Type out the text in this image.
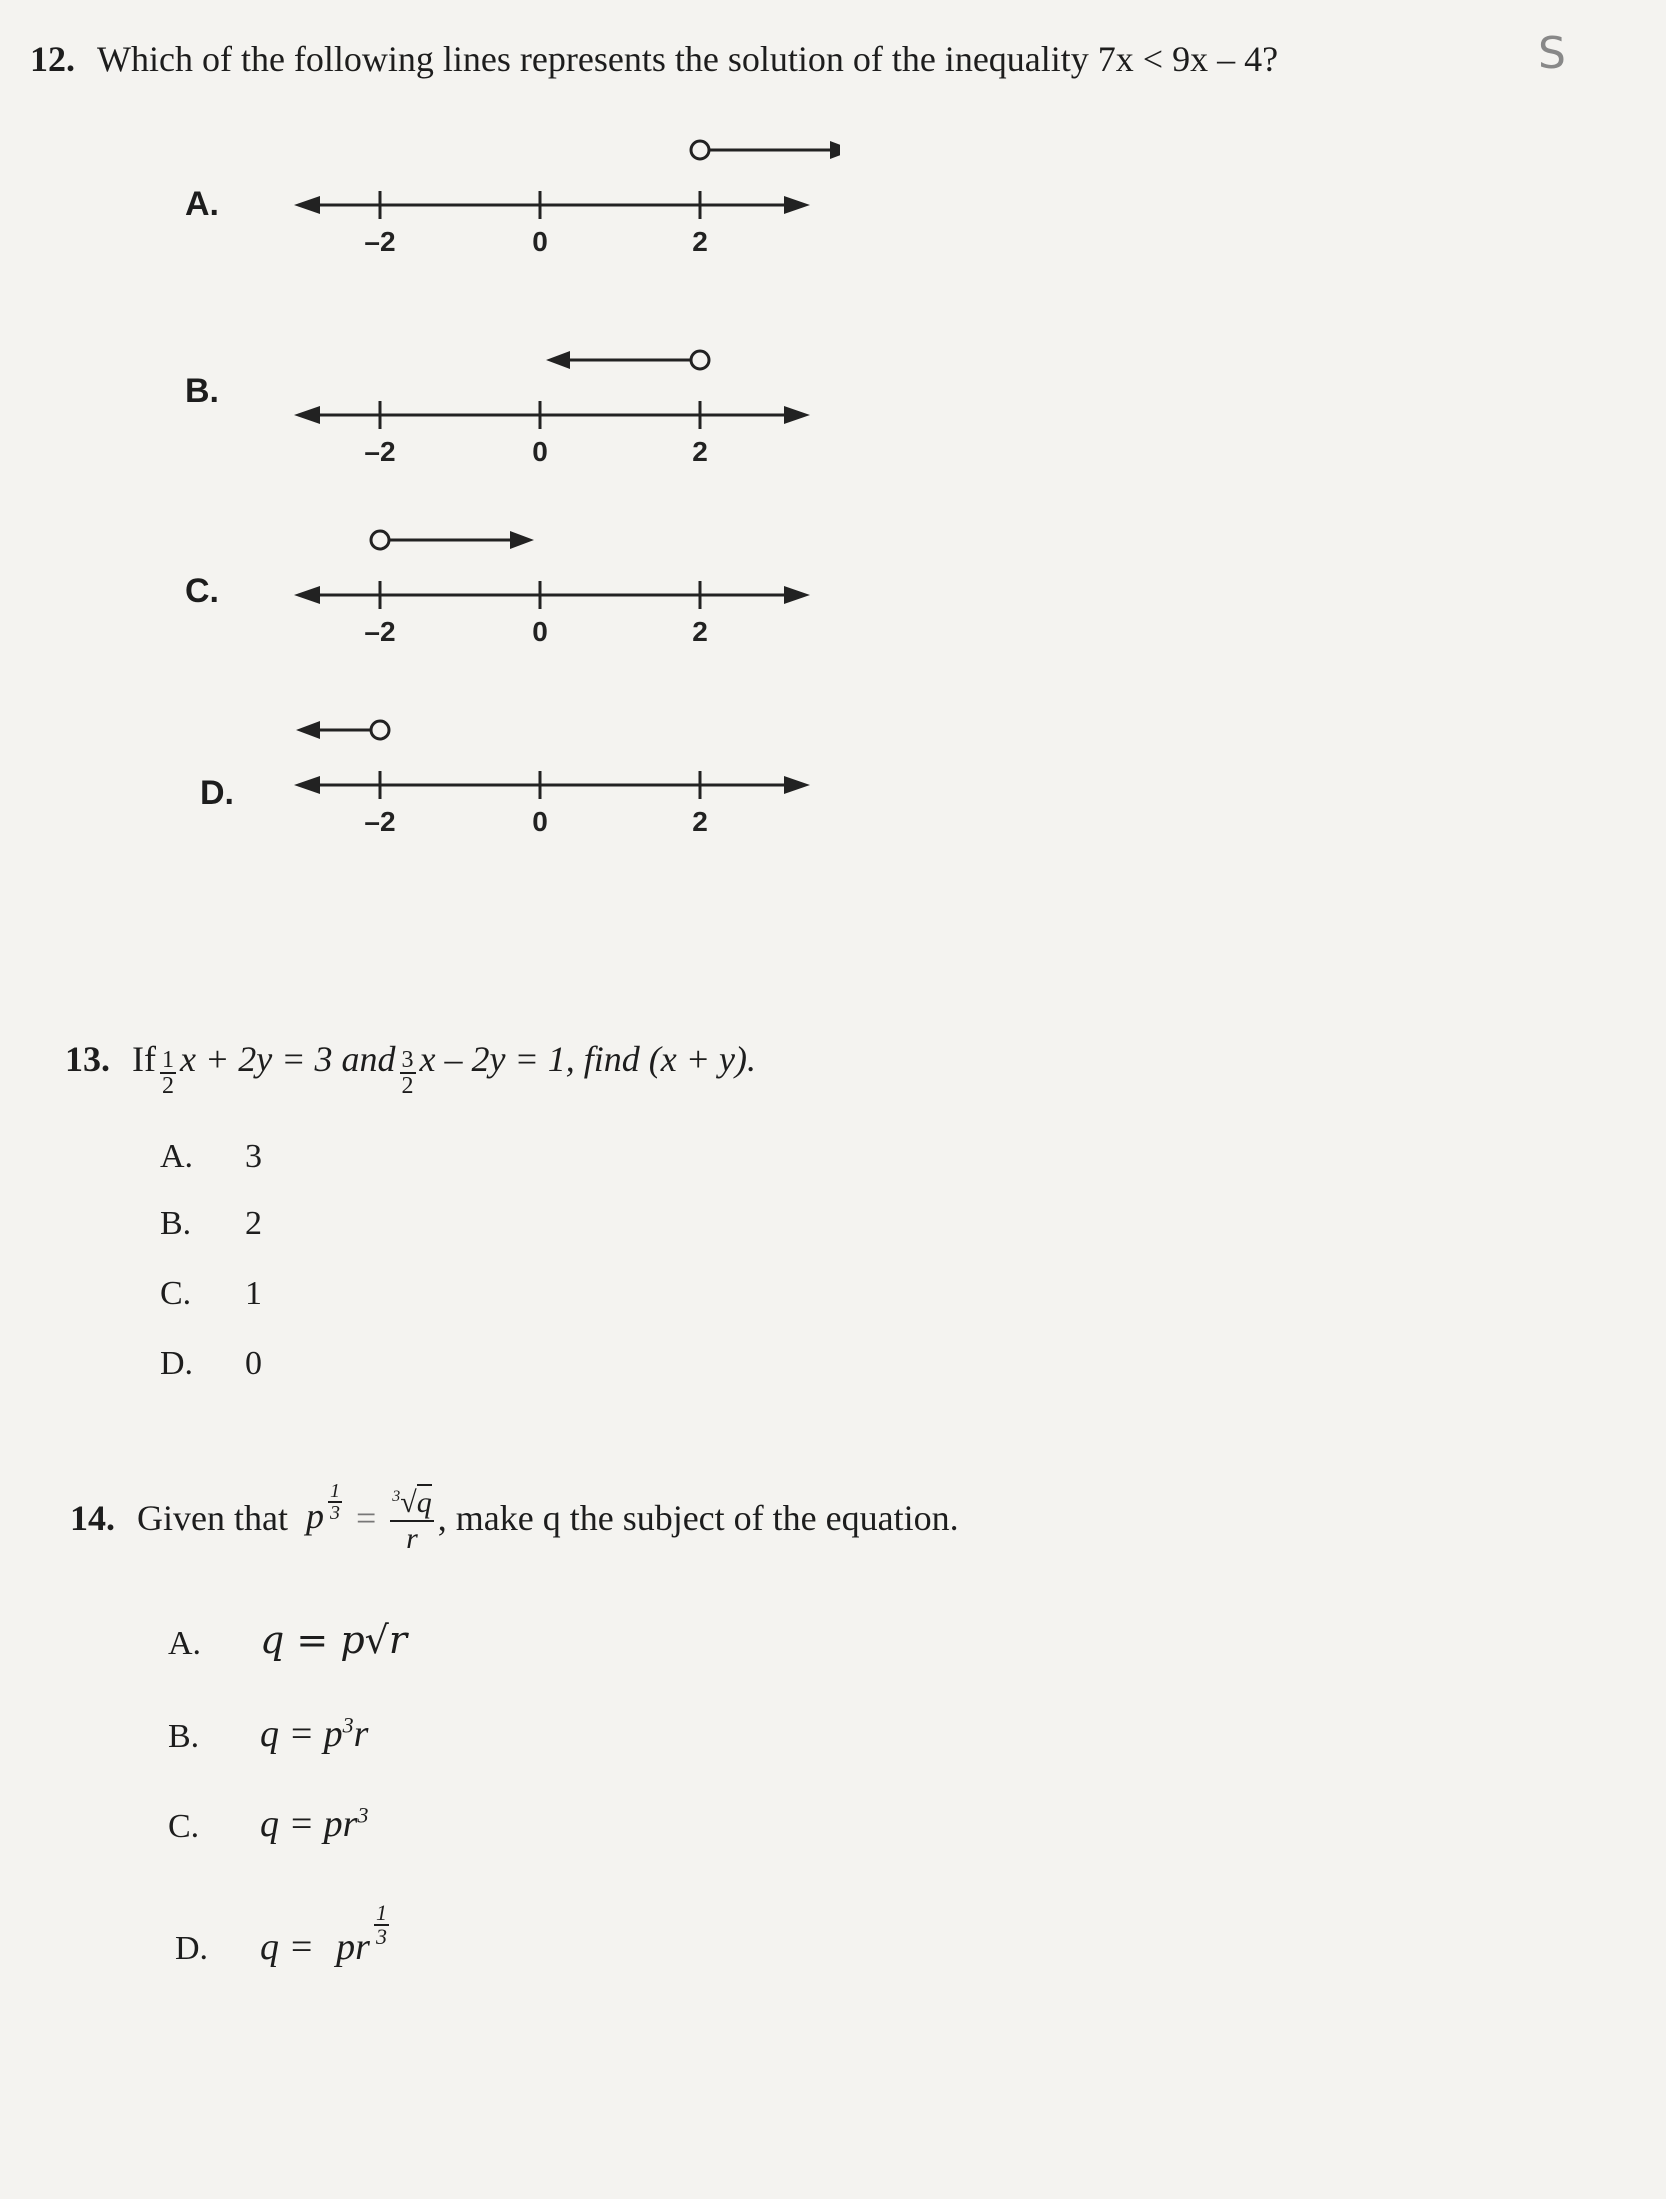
12. Which of the following lines represents the solution of the inequality 7x < 9x – 4?	S
A.
B.
C.
D.
–2	0	2
–2	0	2
–2	0	2
–2	0	2
13. If $\frac{1}{2}$ x + 2y = 3 and $\frac{3}{2}$ x – 2y = 1, find (x + y).
A. 3
B. 2
C. 1
D. 0
14. Given that p $\frac{1}{3} = \frac{^3√q}{r}$ , make q the subject of the equation.
A. q = p√r
B. $q = p^3r$
C. $q = pr^3$
D. q = pr $\frac{1}{3}$
